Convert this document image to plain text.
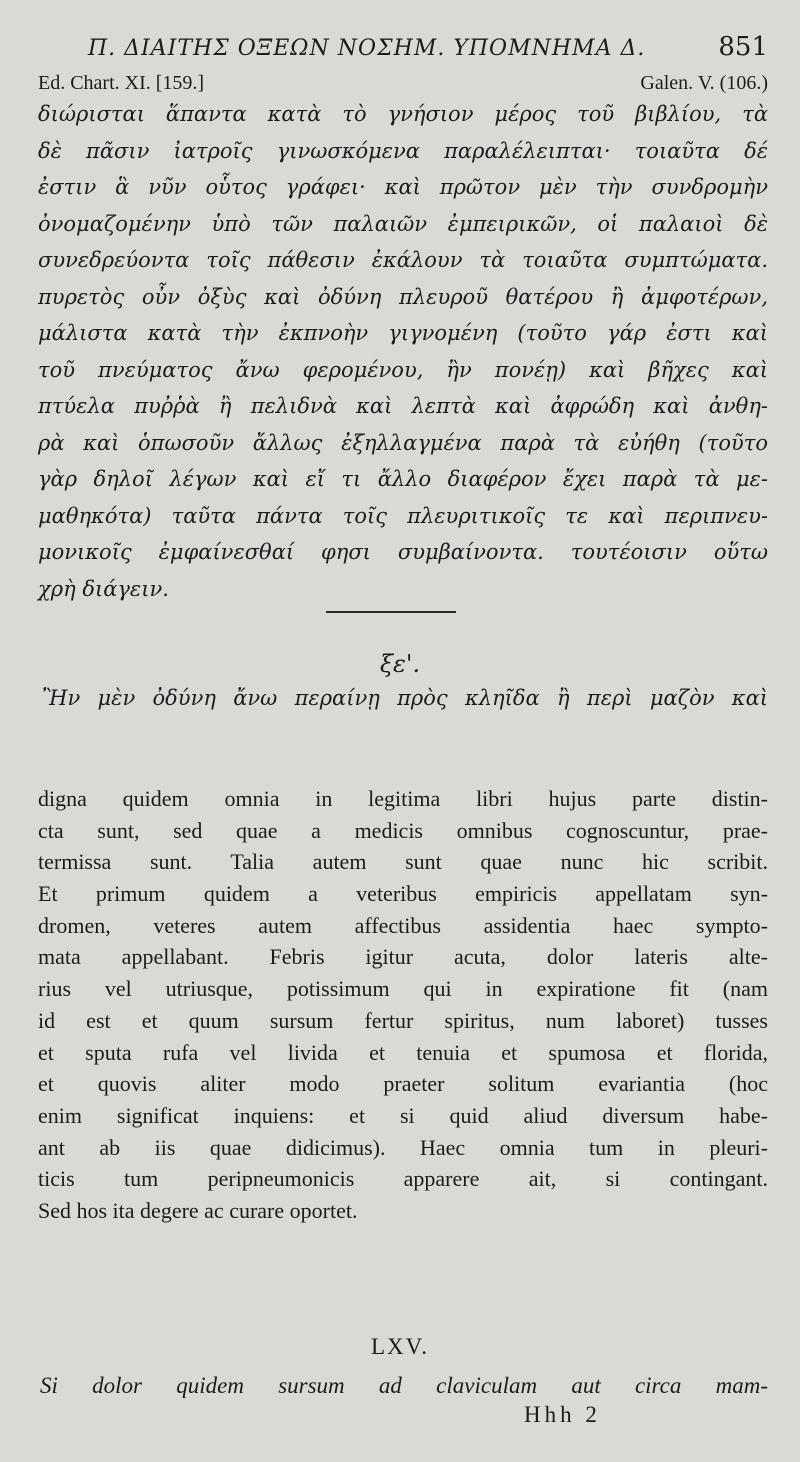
Π. ΔΙΑΙΤΗΣ ΟΞΕΩΝ ΝΟΣΗΜ. ΥΠΟΜΝΗΜΑ Δ.	851
Ed. Chart. XI. [159.]	Galen. V. (106.)
διώρισται ἅπαντα κατὰ τὸ γνήσιον μέρος τοῦ βιβλίου, τὰ
δὲ πᾶσιν ἰατροῖς γινωσκόμενα παραλέλειπται· τοιαῦτα δέ
ἐστιν ἃ νῦν οὗτος γράφει· καὶ πρῶτον μὲν τὴν συνδρομὴν
ὀνομαζομένην ὑπὸ τῶν παλαιῶν ἐμπειρικῶν, οἱ παλαιοὶ δὲ
συνεδρεύοντα τοῖς πάθεσιν ἐκάλουν τὰ τοιαῦτα συμπτώματα.
πυρετὸς οὖν ὀξὺς καὶ ὀδύνη πλευροῦ θατέρου ἢ ἀμφοτέρων,
μάλιστα κατὰ τὴν ἐκπνοὴν γιγνομένη (τοῦτο γάρ ἐστι καὶ
τοῦ πνεύματος ἄνω φερομένου, ἢν πονέῃ) καὶ βῆχες καὶ
πτύελα πυῤῥὰ ἢ πελιδνὰ καὶ λεπτὰ καὶ ἀφρώδη καὶ ἀνθη-
ρὰ καὶ ὁπωσοῦν ἄλλως ἐξηλλαγμένα παρὰ τὰ εὐήθη (τοῦτο
γὰρ δηλοῖ λέγων καὶ εἴ τι ἄλλο διαφέρον ἔχει παρὰ τὰ με-
μαθηκότα) ταῦτα πάντα τοῖς πλευριτικοῖς τε καὶ περιπνευ-
μονικοῖς ἐμφαίνεσθαί φησι συμβαίνοντα. τουτέοισιν οὕτω
χρὴ διάγειν.
ξε'.
Ἢν μὲν ὀδύνη ἄνω περαίνῃ πρὸς κληῖδα ἢ περὶ μαζὸν καὶ
digna quidem omnia in legitima libri hujus parte distin-
cta sunt, sed quae a medicis omnibus cognoscuntur, prae-
termissa sunt. Talia autem sunt quae nunc hic scribit.
Et primum quidem a veteribus empiricis appellatam syn-
dromen, veteres autem affectibus assidentia haec sympto-
mata appellabant. Febris igitur acuta, dolor lateris alte-
rius vel utriusque, potissimum qui in expiratione fit (nam
id est et quum sursum fertur spiritus, num laboret) tusses
et sputa rufa vel livida et tenuia et spumosa et florida,
et quovis aliter modo praeter solitum evariantia (hoc
enim significat inquiens: et si quid aliud diversum habe-
ant ab iis quae didicimus). Haec omnia tum in pleuri-
ticis tum peripneumonicis apparere ait, si contingant.
Sed hos ita degere ac curare oportet.
LXV.
Si dolor quidem sursum ad claviculam aut circa mam-
Hhh 2
